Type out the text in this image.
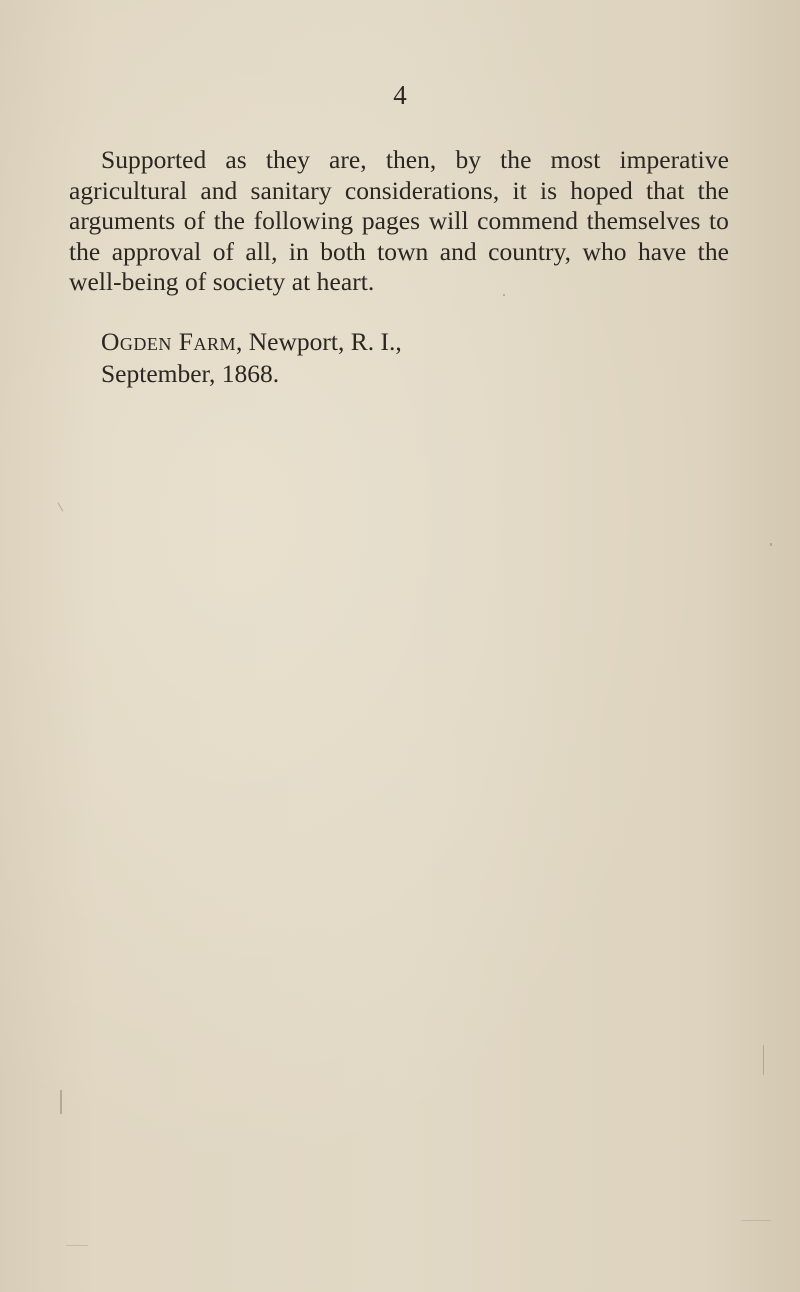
4

Supported as they are, then, by the most imperative agricultural and sanitary considerations, it is hoped that the arguments of the following pages will commend themselves to the approval of all, in both town and country, who have the well-being of society at heart.

Ogden Farm, Newport, R. I.,
September, 1868.
